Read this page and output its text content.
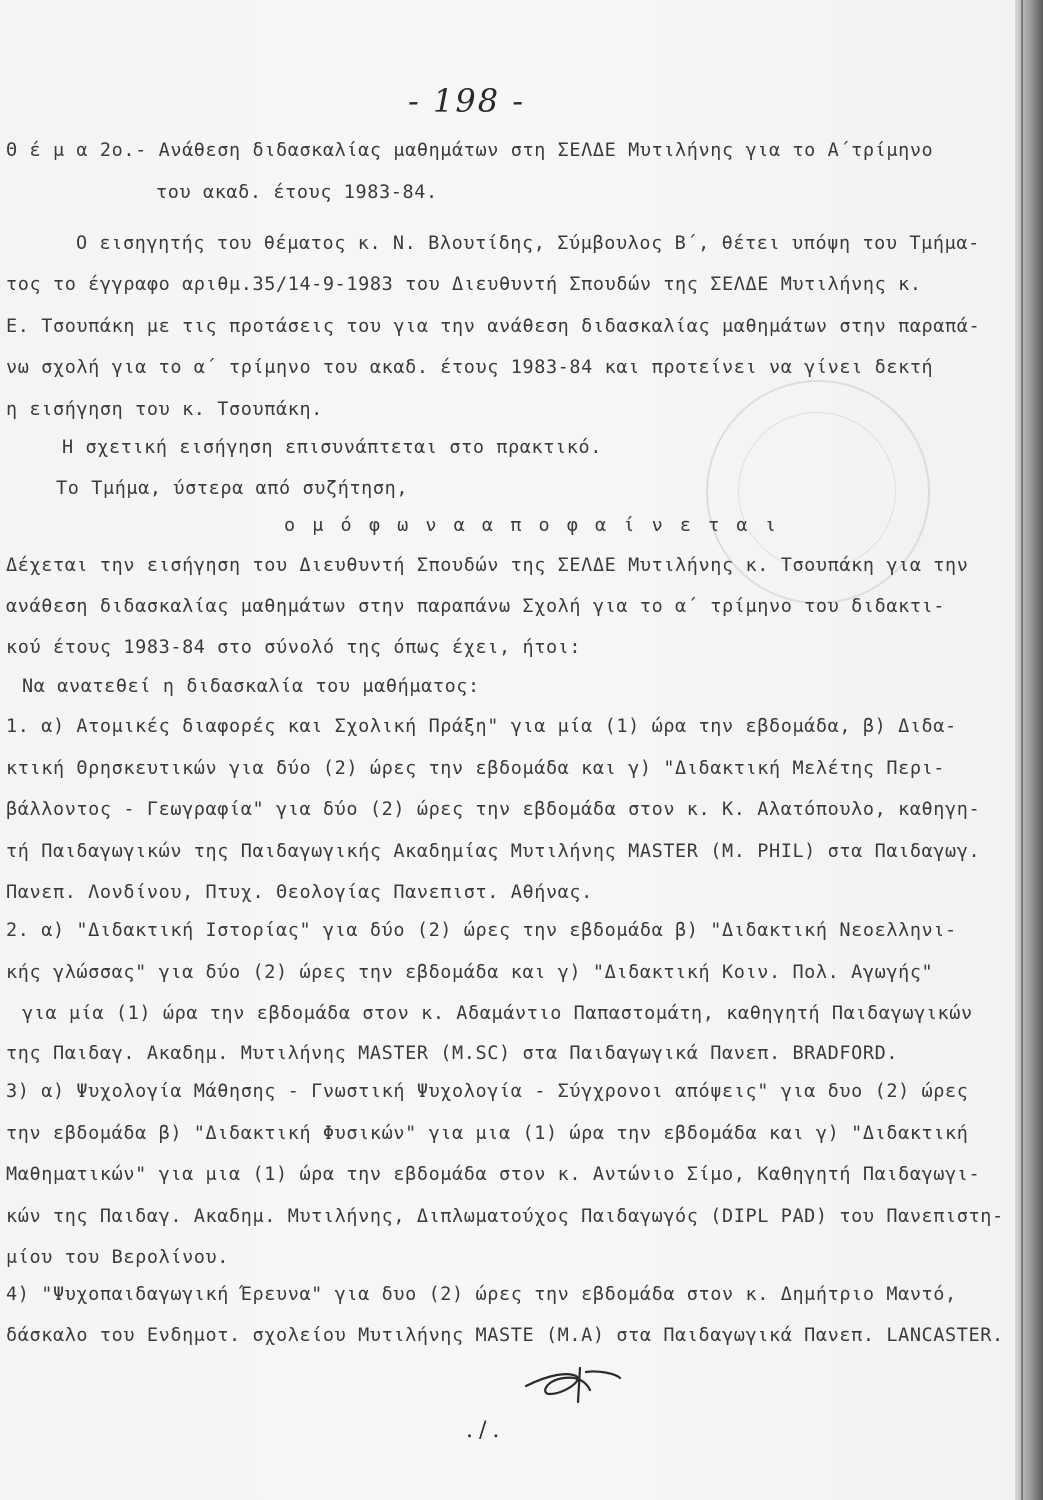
- 198 -
Θ έ μ α 2ο.- Ανάθεση διδασκαλίας μαθημάτων στη ΣΕΛΔΕ Μυτιλήνης για το Α΄τρίμηνο
του ακαδ. έτους 1983-84.
Ο εισηγητής του θέματος κ. Ν. Βλουτίδης, Σύμβουλος Β΄, θέτει υπόψη του Τμήμα-
τος το έγγραφο αριθμ.35/14-9-1983 του Διευθυντή Σπουδών της ΣΕΛΔΕ Μυτιλήνης κ.
Ε. Τσουπάκη με τις προτάσεις του για την ανάθεση διδασκαλίας μαθημάτων στην παραπά-
νω σχολή για το α΄ τρίμηνο του ακαδ. έτους 1983-84 και προτείνει να γίνει δεκτή
η εισήγηση του κ. Τσουπάκη.
Η σχετική εισήγηση επισυνάπτεται στο πρακτικό.
Το Τμήμα, ύστερα από συζήτηση,
ο μ ό φ ω ν α α π ο φ α ί ν ε τ α ι
Δέχεται την εισήγηση του Διευθυντή Σπουδών της ΣΕΛΔΕ Μυτιλήνης κ. Τσουπάκη για την
ανάθεση διδασκαλίας μαθημάτων στην παραπάνω Σχολή για το α΄ τρίμηνο του διδακτι-
κού έτους 1983-84 στο σύνολό της όπως έχει, ήτοι:
Να ανατεθεί η διδασκαλία του μαθήματος:
1. α) Ατομικές διαφορές και Σχολική Πράξη" για μία (1) ώρα την εβδομάδα, β) Διδα-
κτική Θρησκευτικών για δύο (2) ώρες την εβδομάδα και γ) "Διδακτική Μελέτης Περι-
βάλλοντος - Γεωγραφία" για δύο (2) ώρες την εβδομάδα στον κ. Κ. Αλατόπουλο, καθηγη-
τή Παιδαγωγικών της Παιδαγωγικής Ακαδημίας Μυτιλήνης MASTER (M. PHIL) στα Παιδαγωγ.
Πανεπ. Λονδίνου, Πτυχ. Θεολογίας Πανεπιστ. Αθήνας.
2. α) "Διδακτική Ιστορίας" για δύο (2) ώρες την εβδομάδα β) "Διδακτική Νεοελληνι-
κής γλώσσας" για δύο (2) ώρες την εβδομάδα και γ) "Διδακτική Κοιν. Πολ. Αγωγής"
για μία (1) ώρα την εβδομάδα στον κ. Αδαμάντιο Παπαστομάτη, καθηγητή Παιδαγωγικών
της Παιδαγ. Ακαδημ. Μυτιλήνης MASTER (M.SC) στα Παιδαγωγικά Πανεπ. BRADFORD.
3) α) Ψυχολογία Μάθησης - Γνωστική Ψυχολογία - Σύγχρονοι απόψεις" για δυο (2) ώρες
την εβδομάδα β) "Διδακτική Φυσικών" για μια (1) ώρα την εβδομάδα και γ) "Διδακτική
Μαθηματικών" για μια (1) ώρα την εβδομάδα στον κ. Αντώνιο Σίμο, Καθηγητή Παιδαγωγι-
κών της Παιδαγ. Ακαδημ. Μυτιλήνης, Διπλωματούχος Παιδαγωγός (DIPL PAD) του Πανεπιστη-
μίου του Βερολίνου.
4) "Ψυχοπαιδαγωγική Έρευνα" για δυο (2) ώρες την εβδομάδα στον κ. Δημήτριο Μαντό,
δάσκαλο του Ενδημοτ. σχολείου Μυτιλήνης MASTE (M.A) στα Παιδαγωγικά Πανεπ. LANCASTER.
./.
